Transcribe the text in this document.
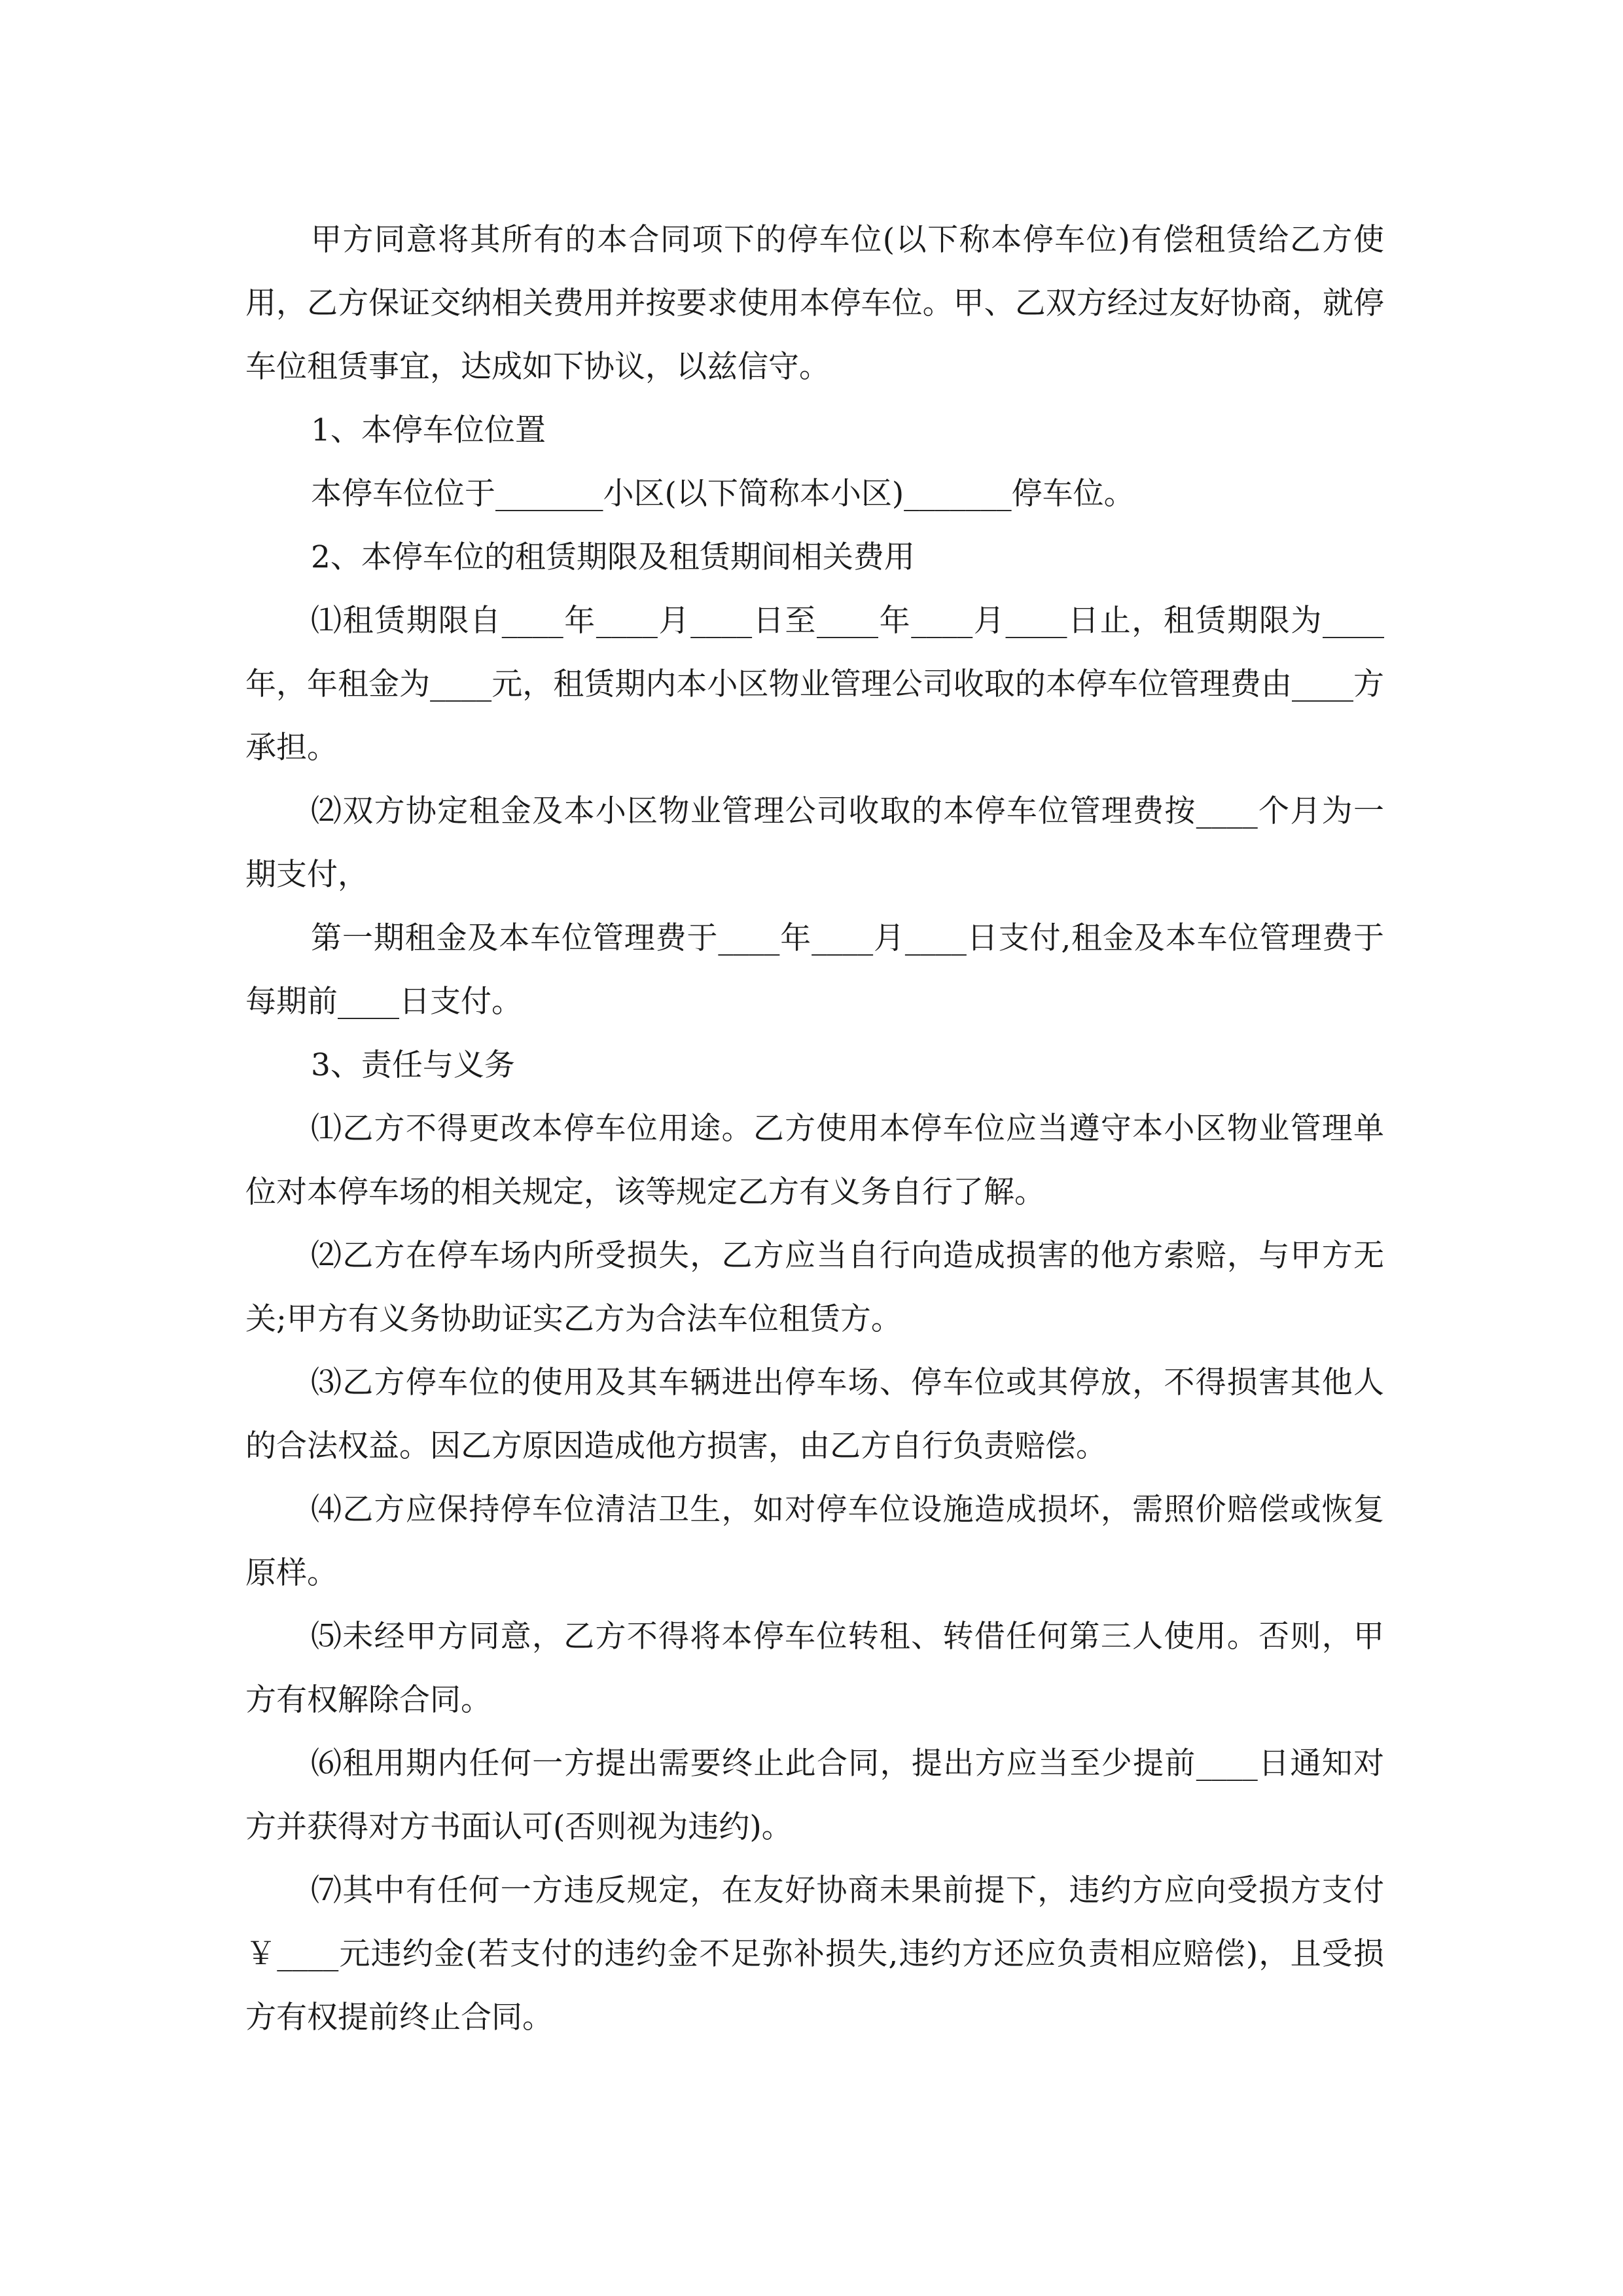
甲方同意将其所有的本合同项下的停车位(以下称本停车位)有偿租赁给乙方使用，乙方保证交纳相关费用并按要求使用本停车位。甲、乙双方经过友好协商，就停车位租赁事宜，达成如下协议，以兹信守。

1、本停车位位置

本停车位位于_______小区(以下简称本小区)_______停车位。

2、本停车位的租赁期限及租赁期间相关费用

⑴租赁期限自____年____月____日至____年____月____日止，租赁期限为____年，年租金为____元，租赁期内本小区物业管理公司收取的本停车位管理费由____方承担。

⑵双方协定租金及本小区物业管理公司收取的本停车位管理费按____个月为一期支付，

第一期租金及本车位管理费于____年____月____日支付,租金及本车位管理费于每期前____日支付。

3、责任与义务

⑴乙方不得更改本停车位用途。乙方使用本停车位应当遵守本小区物业管理单位对本停车场的相关规定，该等规定乙方有义务自行了解。

⑵乙方在停车场内所受损失，乙方应当自行向造成损害的他方索赔，与甲方无关;甲方有义务协助证实乙方为合法车位租赁方。

⑶乙方停车位的使用及其车辆进出停车场、停车位或其停放，不得损害其他人的合法权益。因乙方原因造成他方损害，由乙方自行负责赔偿。

⑷乙方应保持停车位清洁卫生，如对停车位设施造成损坏，需照价赔偿或恢复原样。

⑸未经甲方同意，乙方不得将本停车位转租、转借任何第三人使用。否则，甲方有权解除合同。

⑹租用期内任何一方提出需要终止此合同，提出方应当至少提前____日通知对方并获得对方书面认可(否则视为违约)。

⑺其中有任何一方违反规定，在友好协商未果前提下，违约方应向受损方支付￥____元违约金(若支付的违约金不足弥补损失,违约方还应负责相应赔偿)，且受损方有权提前终止合同。
